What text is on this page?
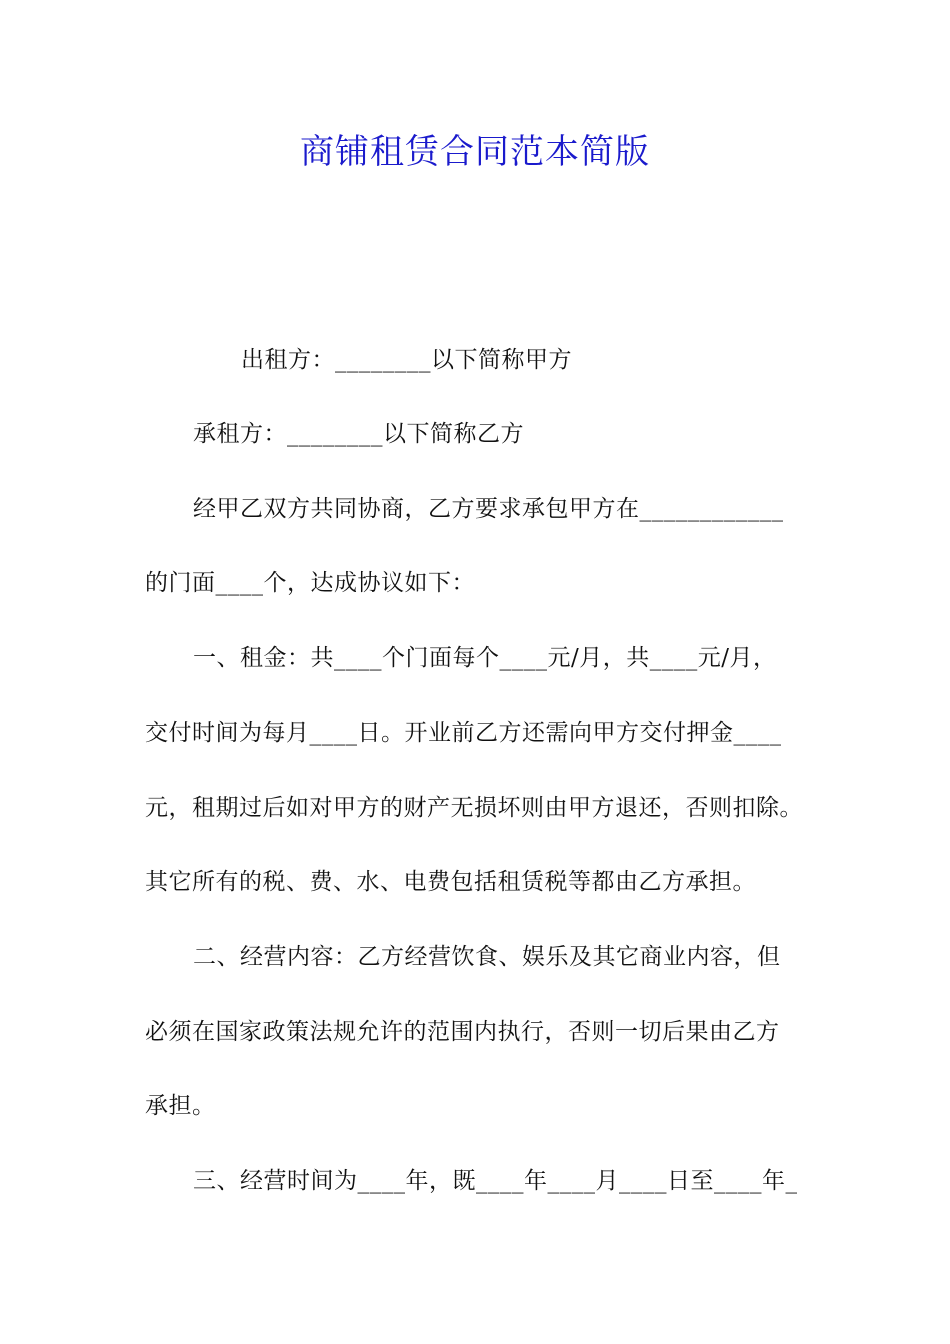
商铺租赁合同范本简版
出租方：________以下简称甲方
承租方：________以下简称乙方
经甲乙双方共同协商，乙方要求承包甲方在____________
的门面____个，达成协议如下：
一、租金：共____个门面每个____元/月，共____元/月，
交付时间为每月____日。开业前乙方还需向甲方交付押金____
元，租期过后如对甲方的财产无损坏则由甲方退还，否则扣除。
其它所有的税、费、水、电费包括租赁税等都由乙方承担。
二、经营内容：乙方经营饮食、娱乐及其它商业内容，但
必须在国家政策法规允许的范围内执行，否则一切后果由乙方
承担。
三、经营时间为____年，既____年____月____日至____年_
